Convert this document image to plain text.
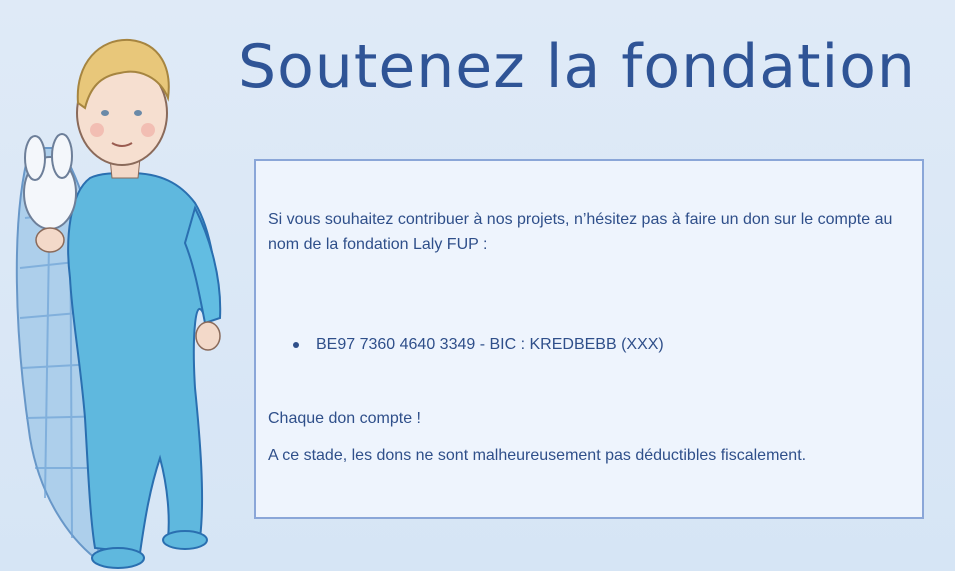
Soutenez la fondation

Si vous souhaitez contribuer à nos projets, n’hésitez pas à faire un don sur le compte au nom de la fondation Laly FUP :

BE97 7360 4640 3349 - BIC : KREDBEBB (XXX)

Chaque don compte !

A ce stade, les dons ne sont malheureusement pas déductibles fiscalement.
